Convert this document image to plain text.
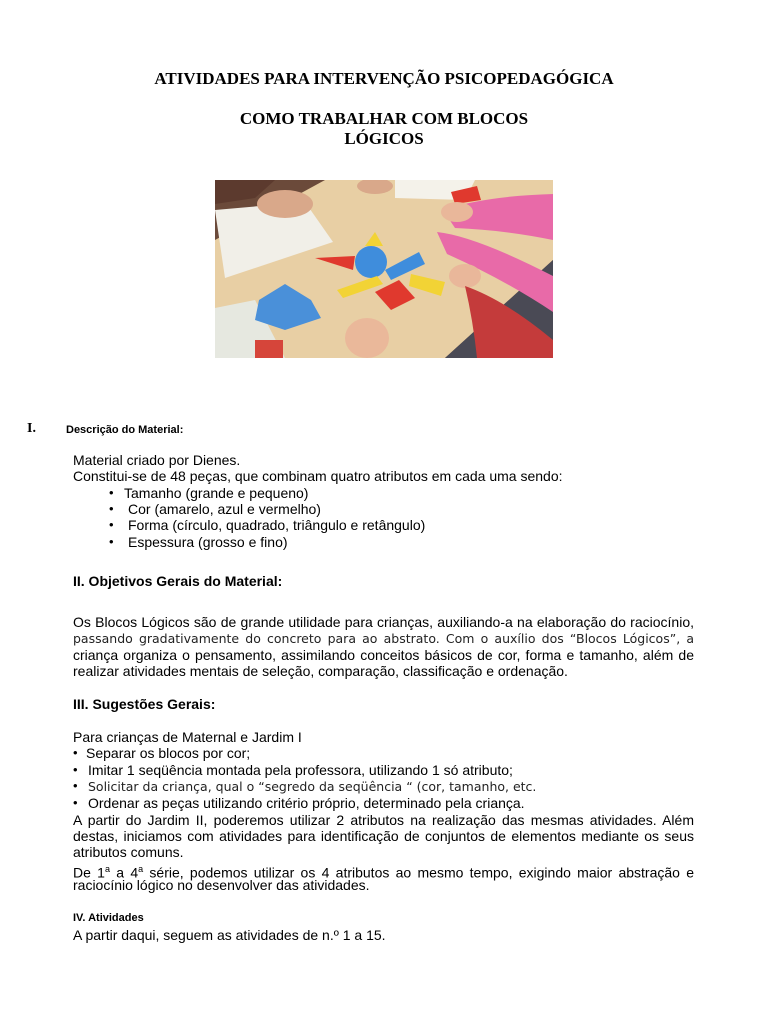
ATIVIDADES PARA INTERVENÇÃO PSICOPEDAGÓGICA
COMO TRABALHAR COM BLOCOS
LÓGICOS
I.	Descrição do Material:
Material criado por Dienes.
Constitui-se de 48 peças, que combinam quatro atributos em cada uma sendo:
• Tamanho (grande e pequeno)
• Cor (amarelo, azul e vermelho)
• Forma (círculo, quadrado, triângulo e retângulo)
• Espessura (grosso e fino)
II. Objetivos Gerais do Material:
Os Blocos Lógicos são de grande utilidade para crianças, auxiliando-a na elaboração do raciocínio,
passando gradativamente do concreto para ao abstrato. Com o auxílio dos “Blocos Lógicos”, a
criança organiza o pensamento, assimilando conceitos básicos de cor, forma e tamanho, além de
realizar atividades mentais de seleção, comparação, classificação e ordenação.
III. Sugestões Gerais:
Para crianças de Maternal e Jardim I
• Separar os blocos por cor;
• Imitar 1 seqüência montada pela professora, utilizando 1 só atributo;
• Solicitar da criança, qual o “segredo da seqüência “ (cor, tamanho, etc.
• Ordenar as peças utilizando critério próprio, determinado pela criança.
A partir do Jardim II, poderemos utilizar 2 atributos na realização das mesmas atividades. Além
destas, iniciamos com atividades para identificação de conjuntos de elementos mediante os seus
atributos comuns.
De 1$^a$ a 4$^a$ série, podemos utilizar os 4 atributos ao mesmo tempo, exigindo maior abstração e
raciocínio lógico no desenvolver das atividades.
IV. Atividades
A partir daqui, seguem as atividades de n.º 1 a 15.
